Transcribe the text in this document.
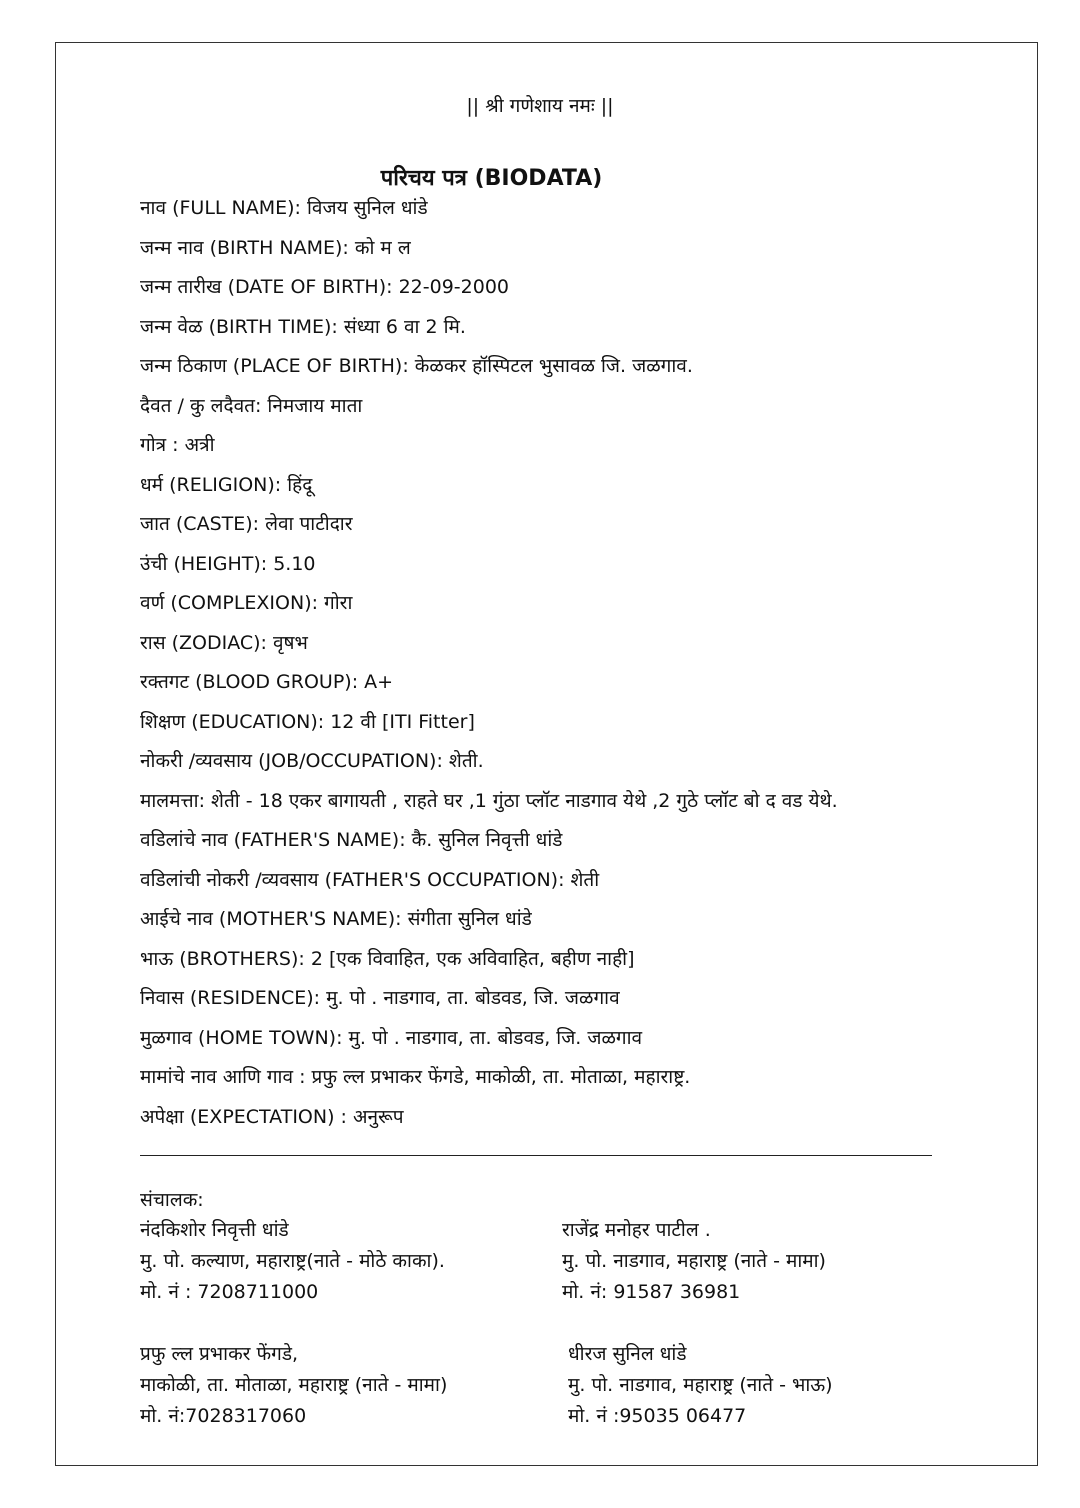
|| श्री गणेशाय नमः ||
परिचय पत्र (BIODATA)
नाव (FULL NAME): विजय सुनिल धांडे
जन्म नाव (BIRTH NAME): को म ल
जन्म तारीख (DATE OF BIRTH): 22-09-2000
जन्म वेळ (BIRTH TIME): संध्या 6 वा 2 मि.
जन्म ठिकाण (PLACE OF BIRTH): केळकर हॉस्पिटल भुसावळ जि. जळगाव.
दैवत / कु लदैवत: निमजाय माता
गोत्र : अत्री
धर्म (RELIGION): हिंदू
जात (CASTE): लेवा पाटीदार
उंची (HEIGHT): 5.10
वर्ण (COMPLEXION): गोरा
रास (ZODIAC): वृषभ
रक्तगट (BLOOD GROUP): A+
शिक्षण (EDUCATION): 12 वी [ITI Fitter]
नोकरी /व्यवसाय (JOB/OCCUPATION): शेती.
मालमत्ता: शेती - 18 एकर बागायती , राहते घर ,1 गुंठा प्लॉट नाडगाव येथे ,2 गुठे प्लॉट बो द वड येथे.
वडिलांचे नाव (FATHER'S NAME): कै. सुनिल निवृत्ती धांडे
वडिलांची नोकरी /व्यवसाय (FATHER'S OCCUPATION): शेती
आईचे नाव (MOTHER'S NAME): संगीता सुनिल धांडे
भाऊ (BROTHERS): 2 [एक विवाहित, एक अविवाहित, बहीण नाही]
निवास (RESIDENCE): मु. पो . नाडगाव, ता. बोडवड, जि. जळगाव
मुळगाव (HOME TOWN): मु. पो . नाडगाव, ता. बोडवड, जि. जळगाव
मामांचे नाव आणि गाव : प्रफु ल्ल प्रभाकर फेंगडे, माकोळी, ता. मोताळा, महाराष्ट्र.
अपेक्षा (EXPECTATION) : अनुरूप
संचालक:
नंदकिशोर निवृत्ती धांडे
मु. पो. कल्याण, महाराष्ट्र(नाते - मोठे काका).
मो. नं : 7208711000
राजेंद्र मनोहर पाटील .
मु. पो. नाडगाव, महाराष्ट्र (नाते - मामा)
मो. नं: 91587 36981
प्रफु ल्ल प्रभाकर फेंगडे,
माकोळी, ता. मोताळा, महाराष्ट्र (नाते - मामा)
मो. नं:7028317060
धीरज सुनिल धांडे
मु. पो. नाडगाव, महाराष्ट्र (नाते - भाऊ)
मो. नं :95035 06477
